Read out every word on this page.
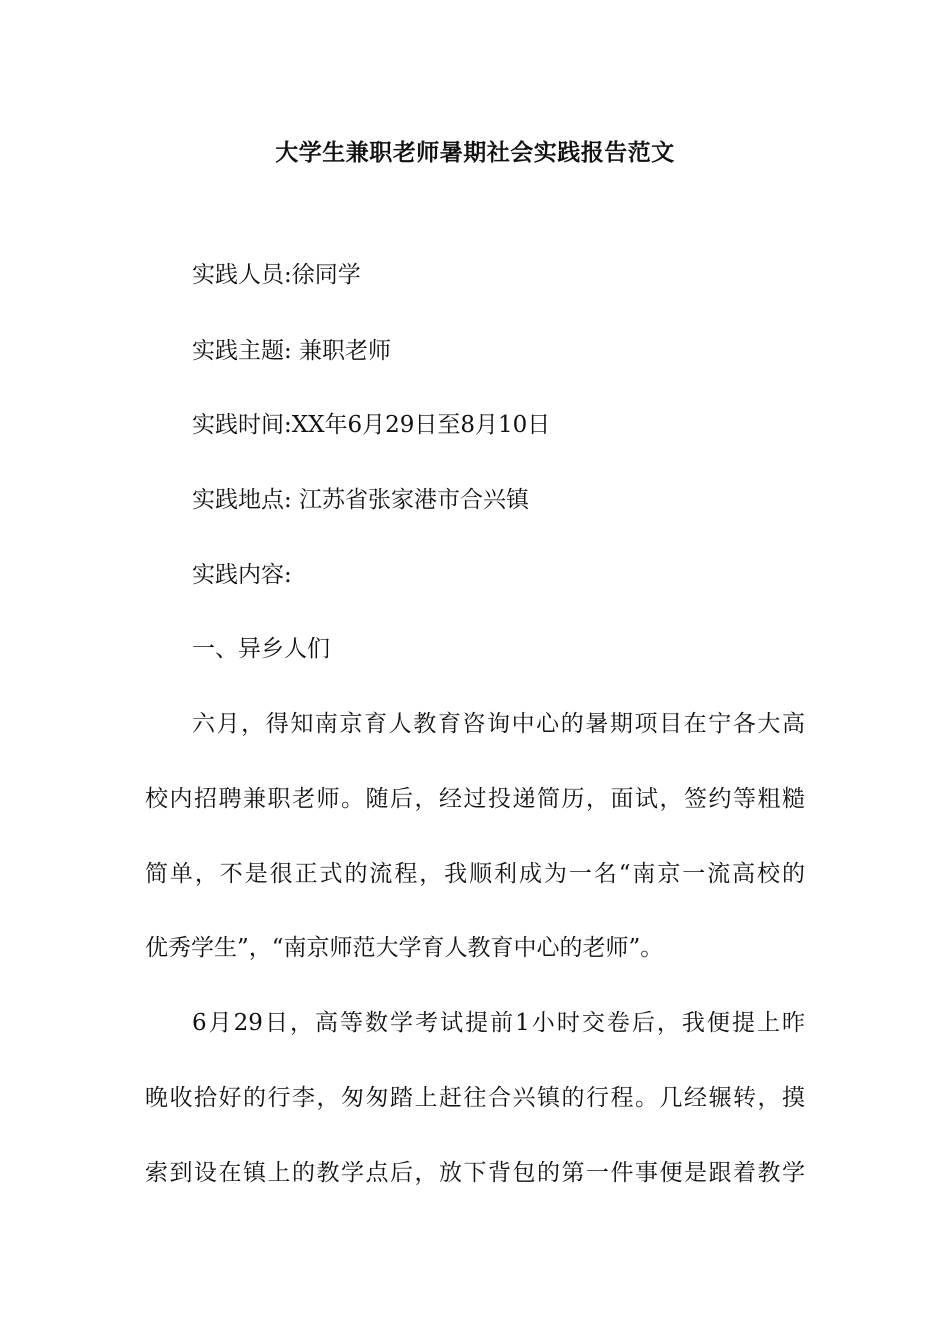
大学生兼职老师暑期社会实践报告范文

实践人员:徐同学

实践主题: 兼职老师

实践时间:XX年6月29日至8月10日

实践地点: 江苏省张家港市合兴镇

实践内容:

一、异乡人们

六月，得知南京育人教育咨询中心的暑期项目在宁各大高

校内招聘兼职老师。随后，经过投递简历，面试，签约等粗糙

简单，不是很正式的流程，我顺利成为一名“南京一流高校的

优秀学生”，“南京师范大学育人教育中心的老师”。

6月29日，高等数学考试提前1小时交卷后，我便提上昨

晚收拾好的行李，匆匆踏上赶往合兴镇的行程。几经辗转，摸

索到设在镇上的教学点后，放下背包的第一件事便是跟着教学
